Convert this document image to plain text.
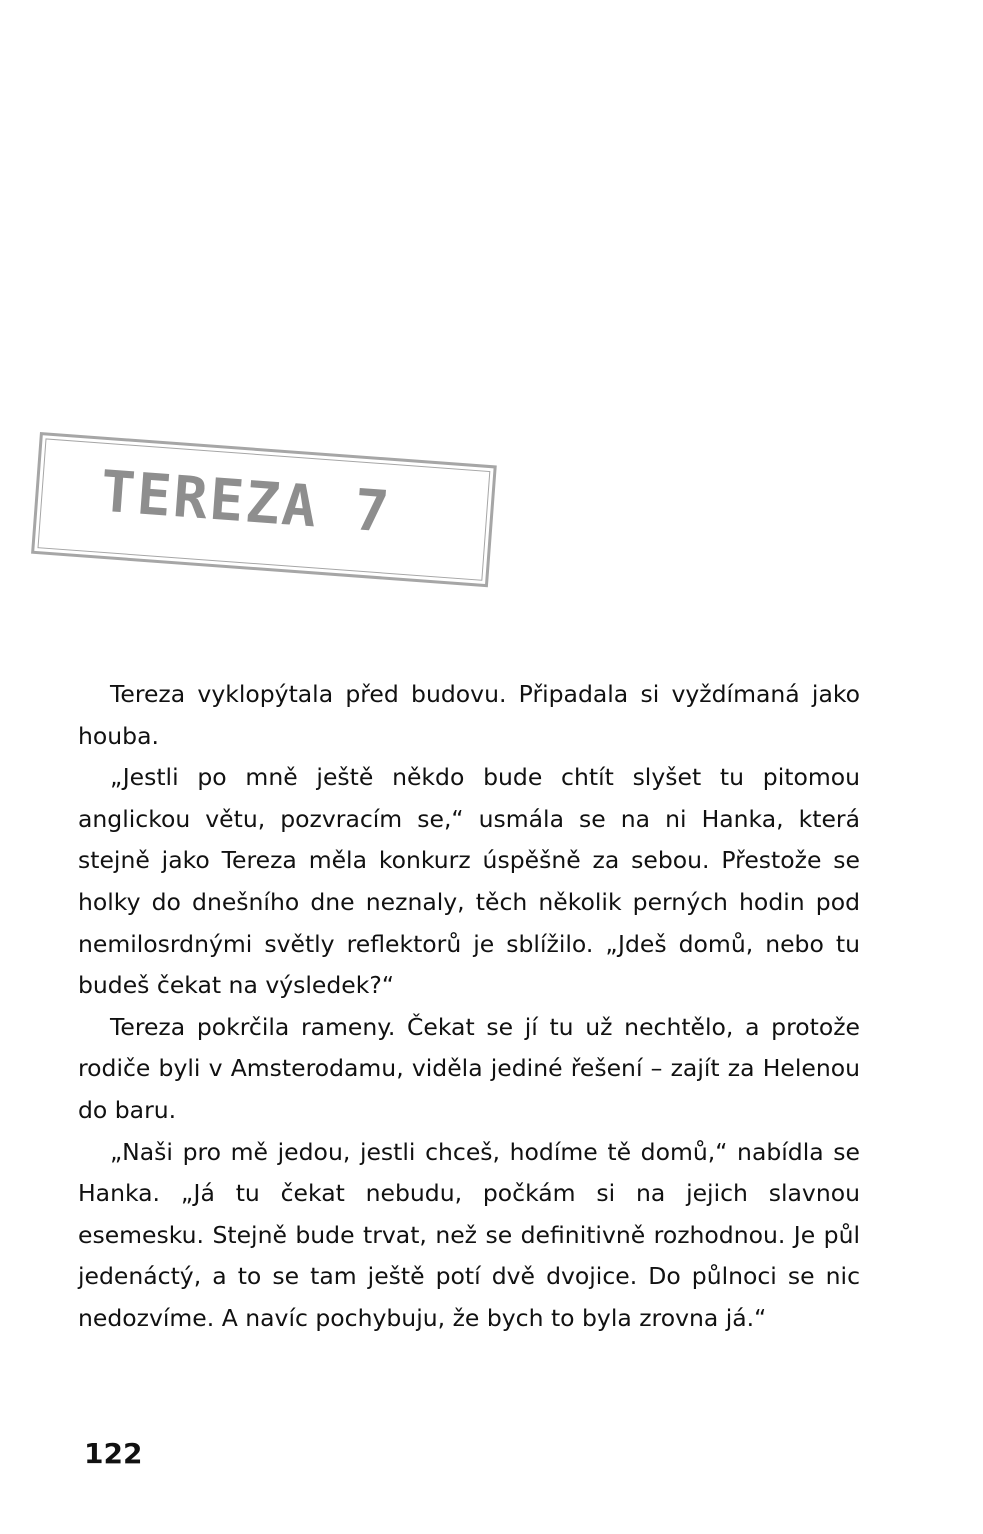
TEREZA 7

Tereza vyklopýtala před budovu. Připadala si vyždímaná jako houba.

„Jestli po mně ještě někdo bude chtít slyšet tu pitomou anglickou větu, pozvracím se,“ usmála se na ni Hanka, která stejně jako Tereza měla konkurz úspěšně za sebou. Přestože se holky do dnešního dne neznaly, těch několik perných hodin pod nemilosrdnými světly reflektorů je sblížilo. „Jdeš domů, nebo tu budeš čekat na výsledek?“

Tereza pokrčila rameny. Čekat se jí tu už nechtělo, a protože rodiče byli v Amsterodamu, viděla jediné řešení – zajít za Helenou do baru.

„Naši pro mě jedou, jestli chceš, hodíme tě domů,“ nabídla se Hanka. „Já tu čekat nebudu, počkám si na jejich slavnou esemesku. Stejně bude trvat, než se definitivně rozhodnou. Je půl jedenáctý, a to se tam ještě potí dvě dvojice. Do půlnoci se nic nedozvíme. A navíc pochybuju, že bych to byla zrovna já.“

122
